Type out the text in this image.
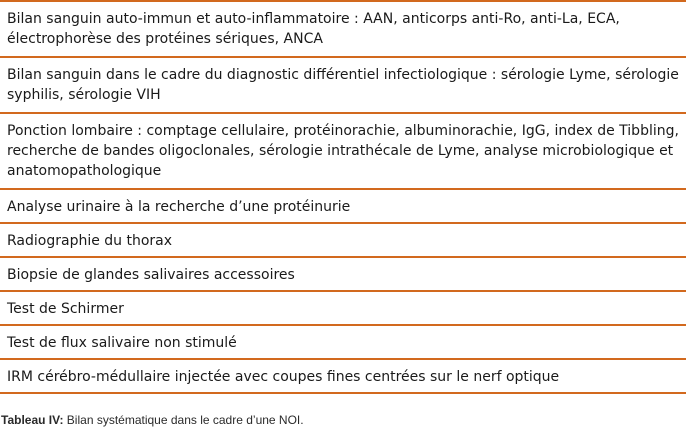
Bilan sanguin auto-immun et auto-inflammatoire : AAN, anticorps anti-Ro, anti-La, ECA, électrophorèse des protéines sériques, ANCA
Bilan sanguin dans le cadre du diagnostic différentiel infectiologique : sérologie Lyme, sérologie syphilis, sérologie VIH
Ponction lombaire : comptage cellulaire, protéinorachie, albuminorachie, IgG, index de Tibbling, recherche de bandes oligoclonales, sérologie intrathécale de Lyme, analyse microbiologique et anatomopathologique
Analyse urinaire à la recherche d’une protéinurie
Radiographie du thorax
Biopsie de glandes salivaires accessoires
Test de Schirmer
Test de flux salivaire non stimulé
IRM cérébro-médullaire injectée avec coupes fines centrées sur le nerf optique
Tableau IV: Bilan systématique dans le cadre d’une NOI.
